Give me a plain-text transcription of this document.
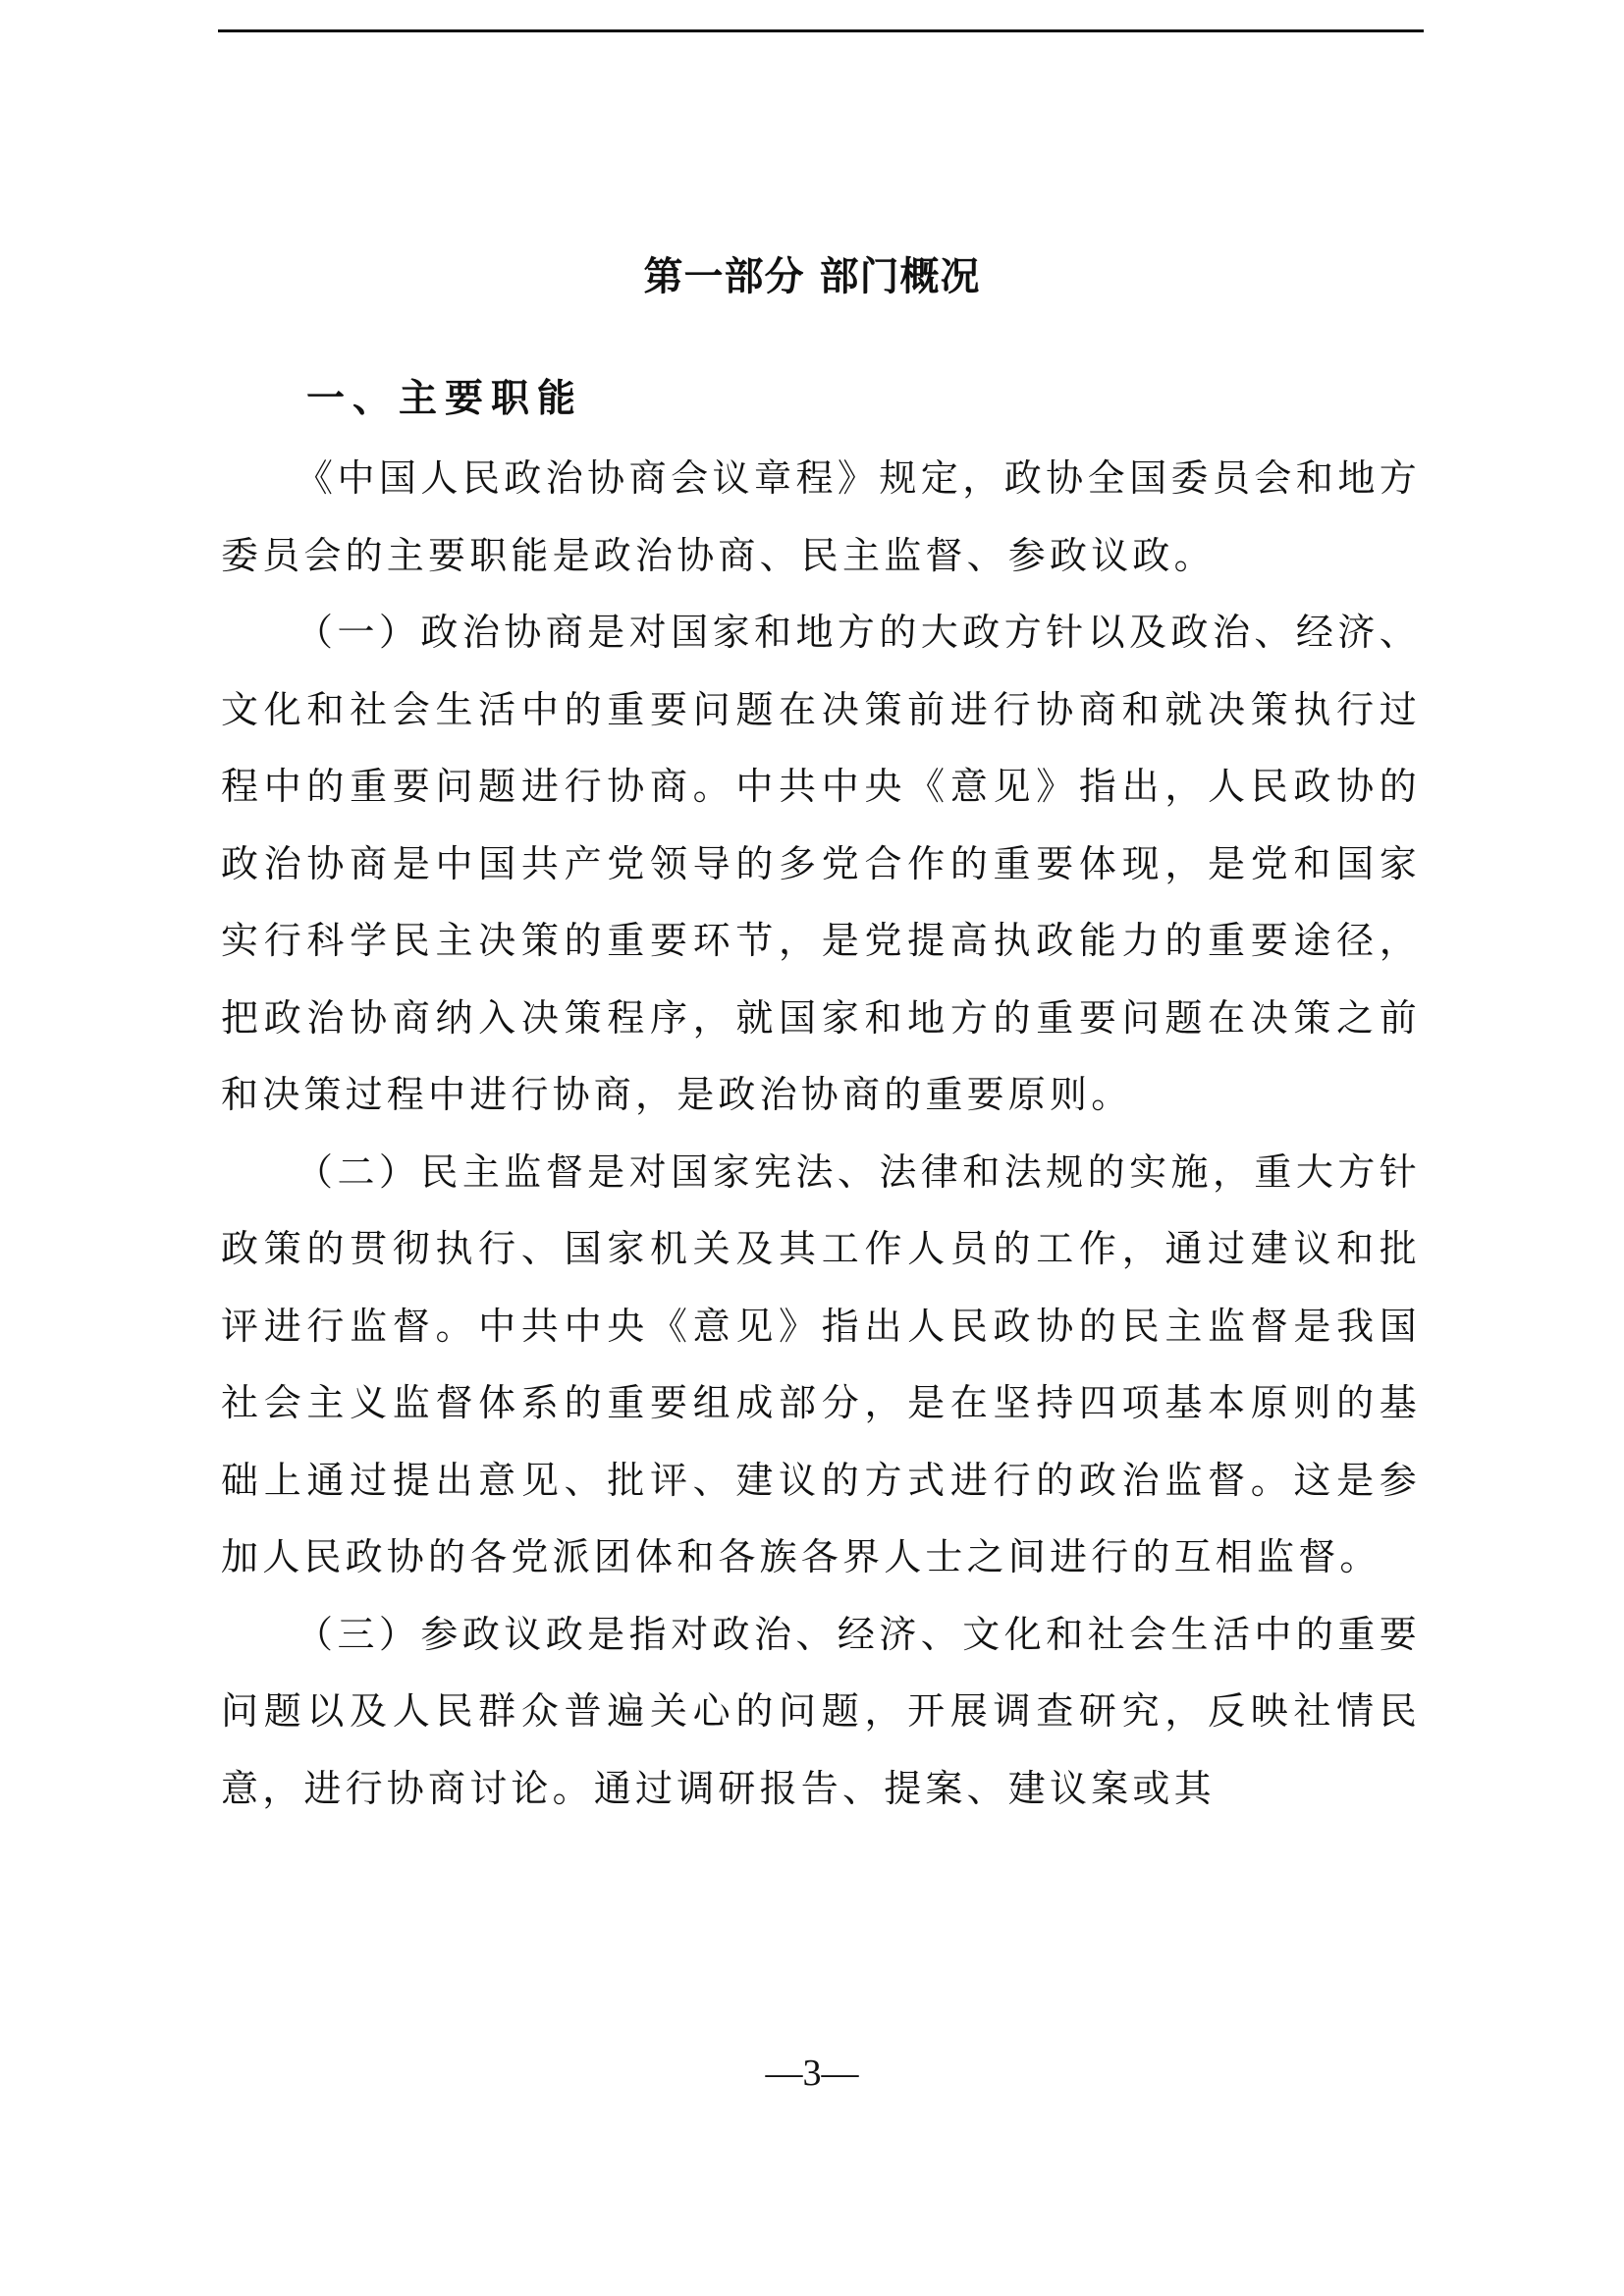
第一部分 部门概况
一、主要职能

《中国人民政治协商会议章程》规定，政协全国委员会和地方委员会的主要职能是政治协商、民主监督、参政议政。

（一）政治协商是对国家和地方的大政方针以及政治、经济、文化和社会生活中的重要问题在决策前进行协商和就决策执行过程中的重要问题进行协商。中共中央《意见》指出，人民政协的政治协商是中国共产党领导的多党合作的重要体现，是党和国家实行科学民主决策的重要环节，是党提高执政能力的重要途径，把政治协商纳入决策程序，就国家和地方的重要问题在决策之前和决策过程中进行协商，是政治协商的重要原则。

（二）民主监督是对国家宪法、法律和法规的实施，重大方针政策的贯彻执行、国家机关及其工作人员的工作，通过建议和批评进行监督。中共中央《意见》指出人民政协的民主监督是我国社会主义监督体系的重要组成部分，是在坚持四项基本原则的基础上通过提出意见、批评、建议的方式进行的政治监督。这是参加人民政协的各党派团体和各族各界人士之间进行的互相监督。

（三）参政议政是指对政治、经济、文化和社会生活中的重要问题以及人民群众普遍关心的问题，开展调查研究，反映社情民意，进行协商讨论。通过调研报告、提案、建议案或其

—3—
